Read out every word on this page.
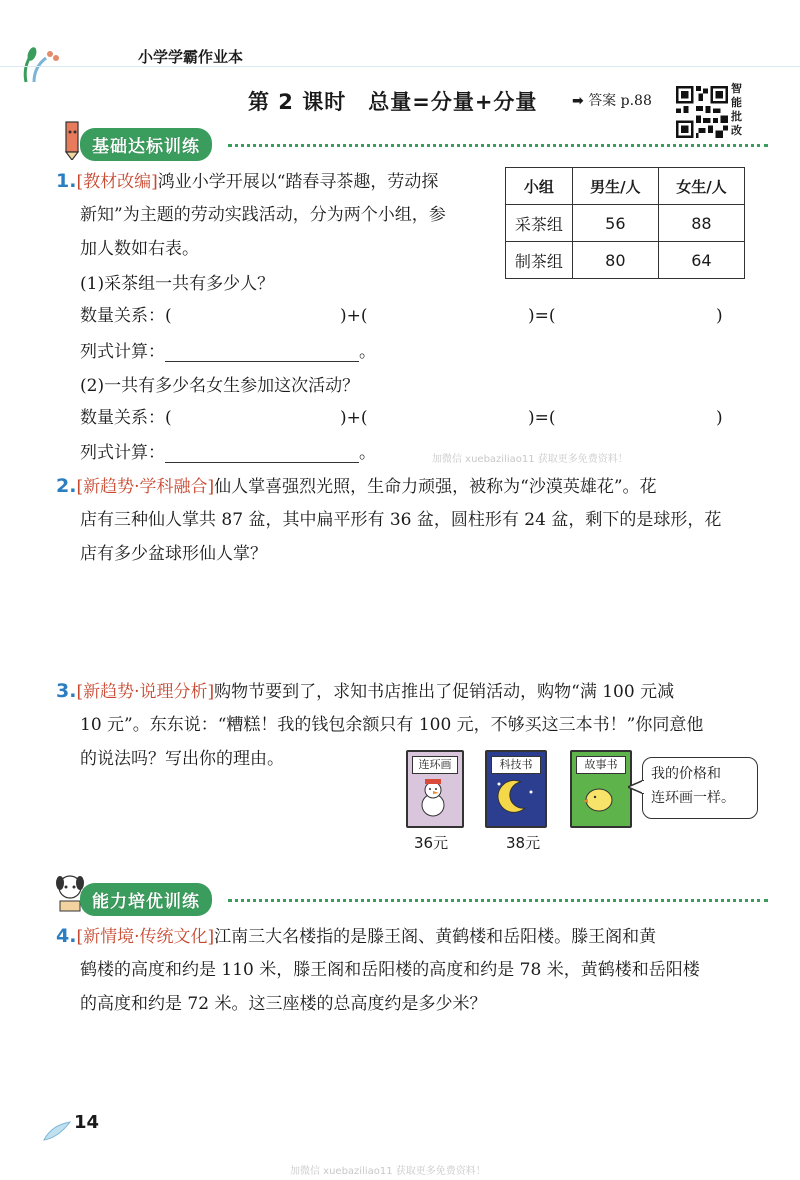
小学学霸作业本
第 2 课时　总量=分量+分量 ➡ 答案 p.88
智
能
批
改
基础达标训练
1.[教材改编]鸿业小学开展以“踏春寻茶趣，劳动探
新知”为主题的劳动实践活动，分为两个小组，参
加人数如右表。
小组	男生/人	女生/人
采茶组	56	88
制茶组	80	64
(1)采茶组一共有多少人？
数量关系：(	)+(	)=(	)
列式计算：	。
(2)一共有多少名女生参加这次活动？
数量关系：(	)+(	)=(	)
列式计算：	。	加微信 xuebaziliao11 获取更多免费资料！
2.[新趋势·学科融合]仙人掌喜强烈光照，生命力顽强，被称为“沙漠英雄花”。花
店有三种仙人掌共 87 盆，其中扁平形有 36 盆，圆柱形有 24 盆，剩下的是球形，花
店有多少盆球形仙人掌？
3.[新趋势·说理分析]购物节要到了，求知书店推出了促销活动，购物“满 100 元减
10 元”。东东说：“糟糕！我的钱包余额只有 100 元，不够买这三本书！”你同意他
的说法吗？写出你的理由。	连环画	科技书	故事书
我的价格和
连环画一样。
36元	38元
能力培优训练
4.[新情境·传统文化]江南三大名楼指的是滕王阁、黄鹤楼和岳阳楼。滕王阁和黄
鹤楼的高度和约是 110 米，滕王阁和岳阳楼的高度和约是 78 米，黄鹤楼和岳阳楼
的高度和约是 72 米。这三座楼的总高度约是多少米？
14
加微信 xuebaziliao11 获取更多免费资料！
